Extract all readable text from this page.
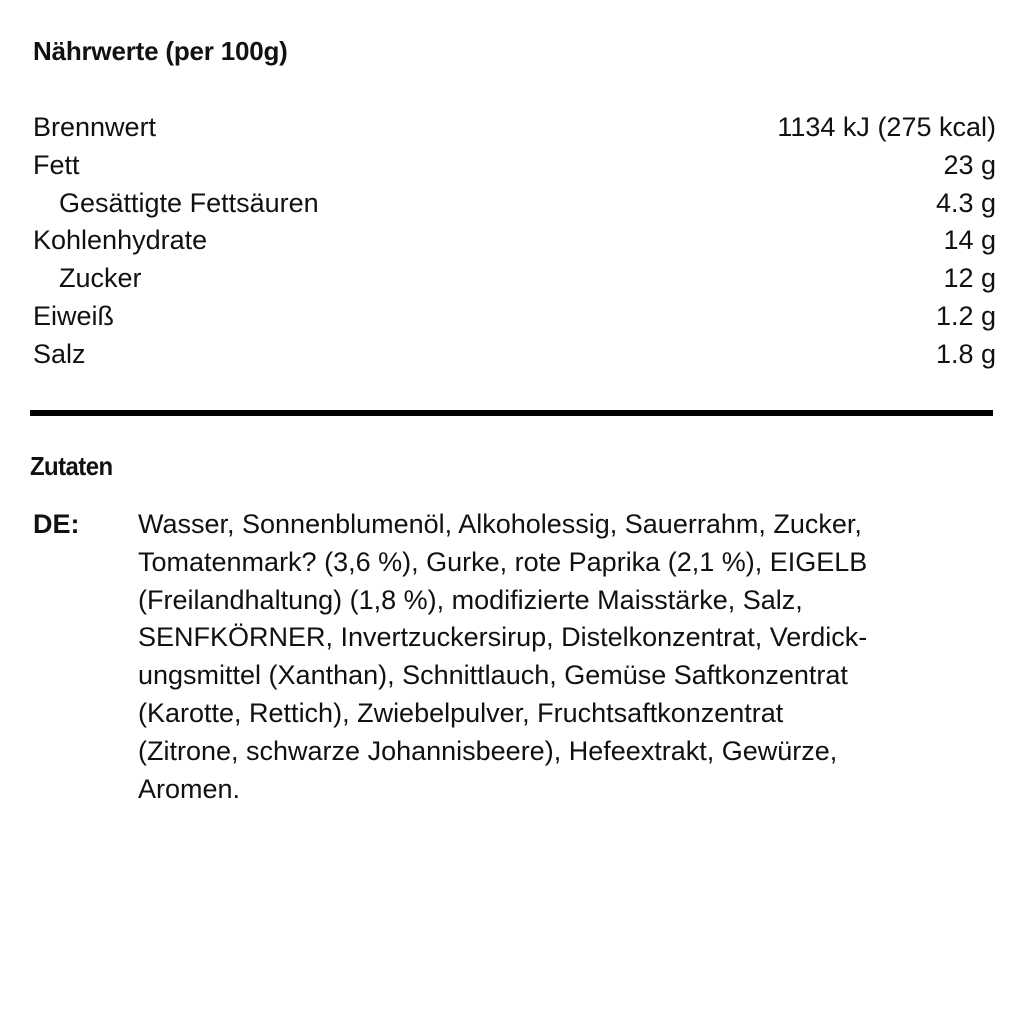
Nährwerte (per 100g)
Brennwert	1134 kJ (275 kcal)
Fett	23 g
Gesättigte Fettsäuren	4.3 g
Kohlenhydrate	14 g
Zucker	12 g
Eiweiß	1.2 g
Salz	1.8 g
Zutaten
DE: Wasser, Sonnenblumenöl, Alkoholessig, Sauerrahm, Zucker,
Tomatenmark? (3,6 %), Gurke, rote Paprika (2,1 %), EIGELB
(Freilandhaltung) (1,8 %), modifizierte Maisstärke, Salz,
SENFKÖRNER, Invertzuckersirup, Distelkonzentrat, Verdick-
ungsmittel (Xanthan), Schnittlauch, Gemüse Saftkonzentrat
(Karotte, Rettich), Zwiebelpulver, Fruchtsaftkonzentrat
(Zitrone, schwarze Johannisbeere), Hefeextrakt, Gewürze,
Aromen.
